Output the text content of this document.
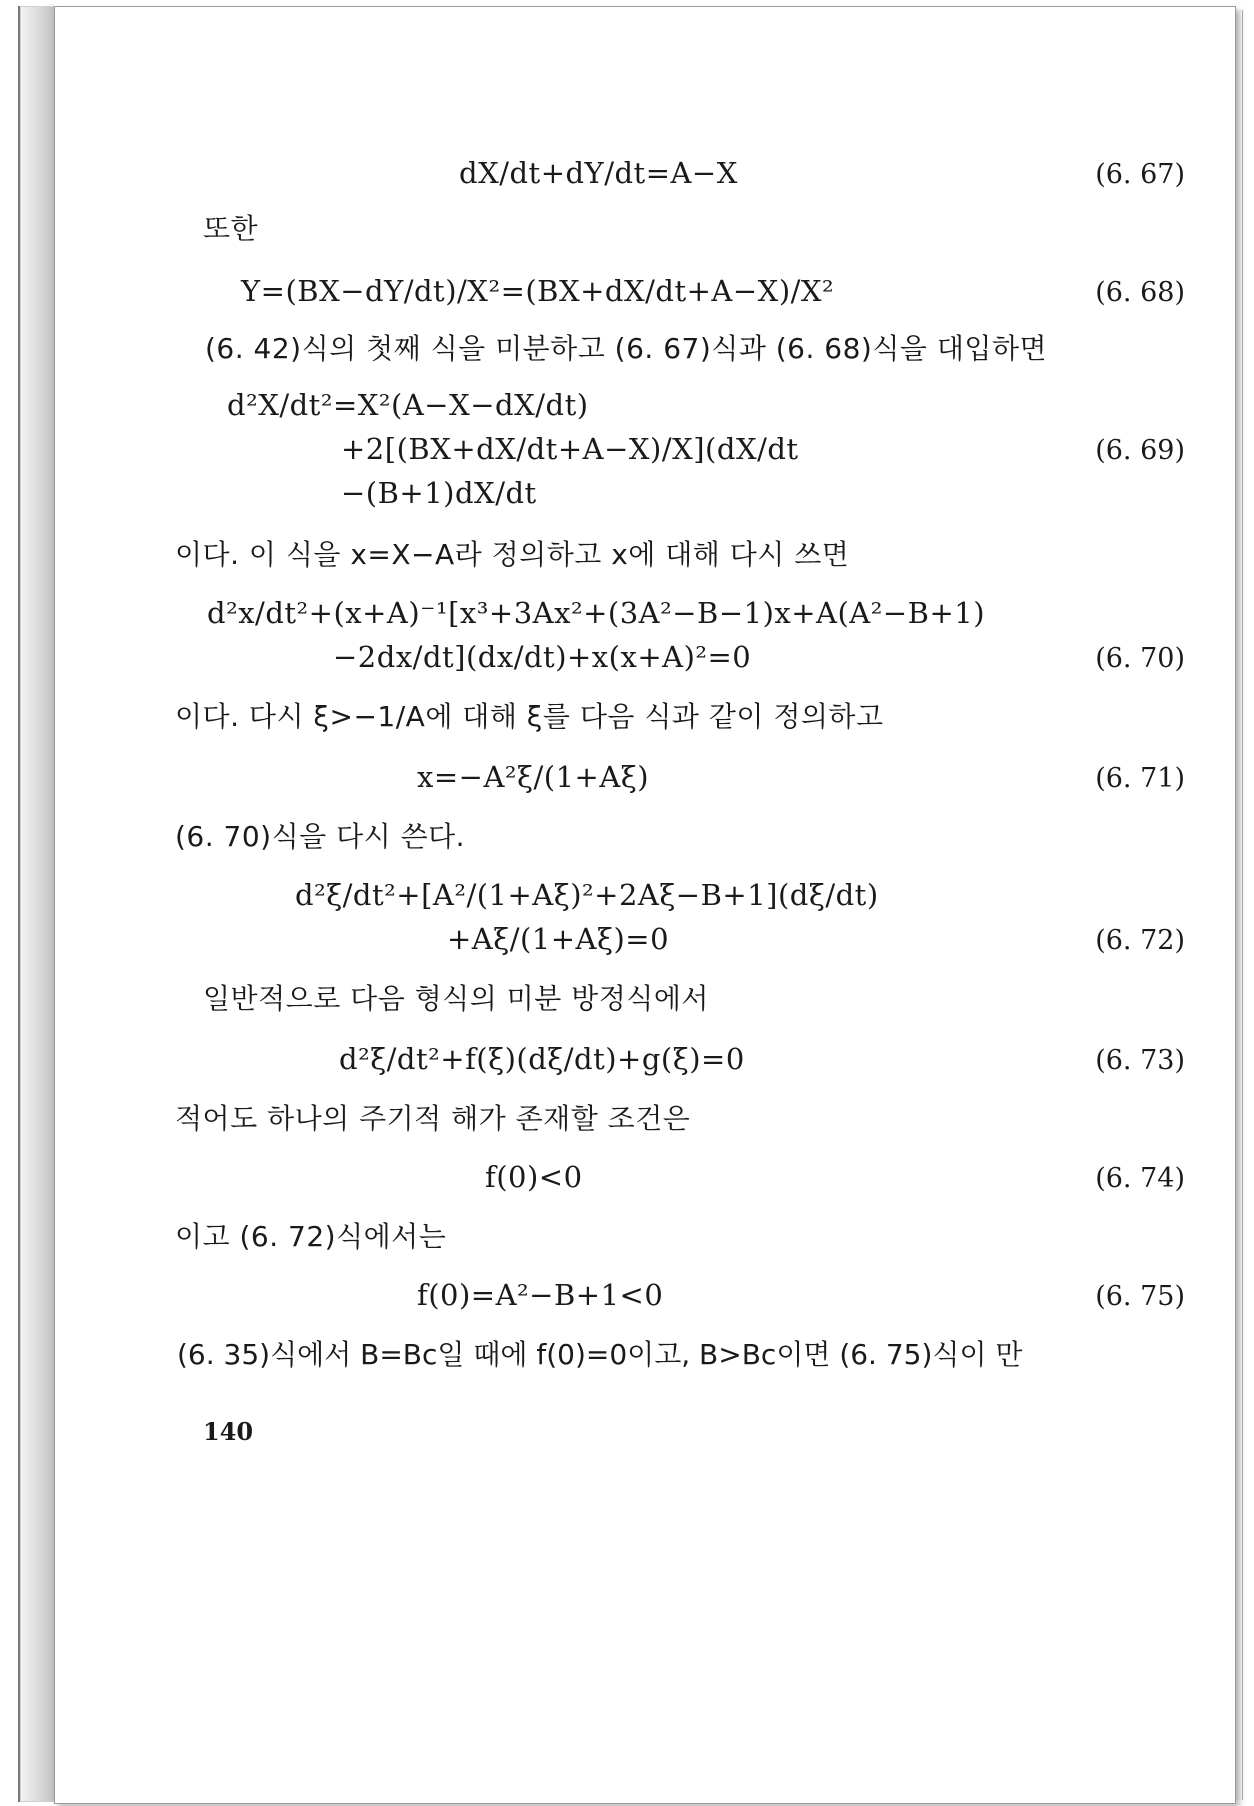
dX/dt+dY/dt=A−X	(6. 67)
또한
Y=(BX−dY/dt)/X²=(BX+dX/dt+A−X)/X²	(6. 68)
(6. 42)식의 첫째 식을 미분하고 (6. 67)식과 (6. 68)식을 대입하면
d²X/dt²=X²(A−X−dX/dt)
+2[(BX+dX/dt+A−X)/X](dX/dt	(6. 69)
−(B+1)dX/dt
이다. 이 식을 x=X−A라 정의하고 x에 대해 다시 쓰면
d²x/dt²+(x+A)⁻¹[x³+3Ax²+(3A²−B−1)x+A(A²−B+1)
−2dx/dt](dx/dt)+x(x+A)²=0	(6. 70)
이다. 다시 ξ>−1/A에 대해 ξ를 다음 식과 같이 정의하고
x=−A²ξ/(1+Aξ)	(6. 71)
(6. 70)식을 다시 쓴다.
d²ξ/dt²+[A²/(1+Aξ)²+2Aξ−B+1](dξ/dt)
+Aξ/(1+Aξ)=0	(6. 72)
일반적으로 다음 형식의 미분 방정식에서
d²ξ/dt²+f(ξ)(dξ/dt)+g(ξ)=0	(6. 73)
적어도 하나의 주기적 해가 존재할 조건은
f(0)<0	(6. 74)
이고 (6. 72)식에서는
f(0)=A²−B+1<0	(6. 75)
(6. 35)식에서 B=Bc일 때에 f(0)=0이고, B>Bc이면 (6. 75)식이 만
140
